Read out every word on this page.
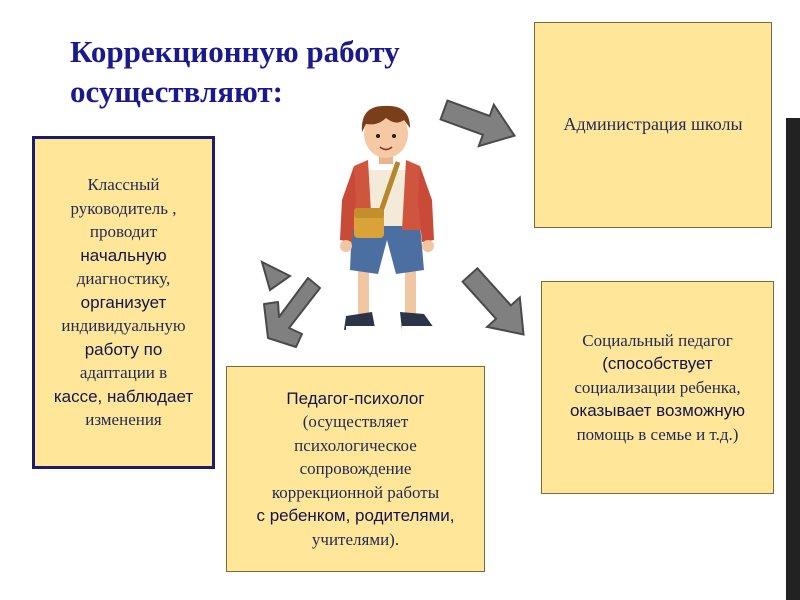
Коррекционную работу
осуществляют:
Классный
руководитель ,
проводит
начальную
диагностику,
организует
индивидуальную
работу по
адаптации в
кассе, наблюдает
изменения
Администрация школы
Социальный педагог
(способствует
социализации ребенка,
оказывает возможную
помощь в семье и т.д.)
Педагог-психолог
(осуществляет
психологическое
сопровождение
коррекционной работы
с ребенком, родителями,
учителями).
